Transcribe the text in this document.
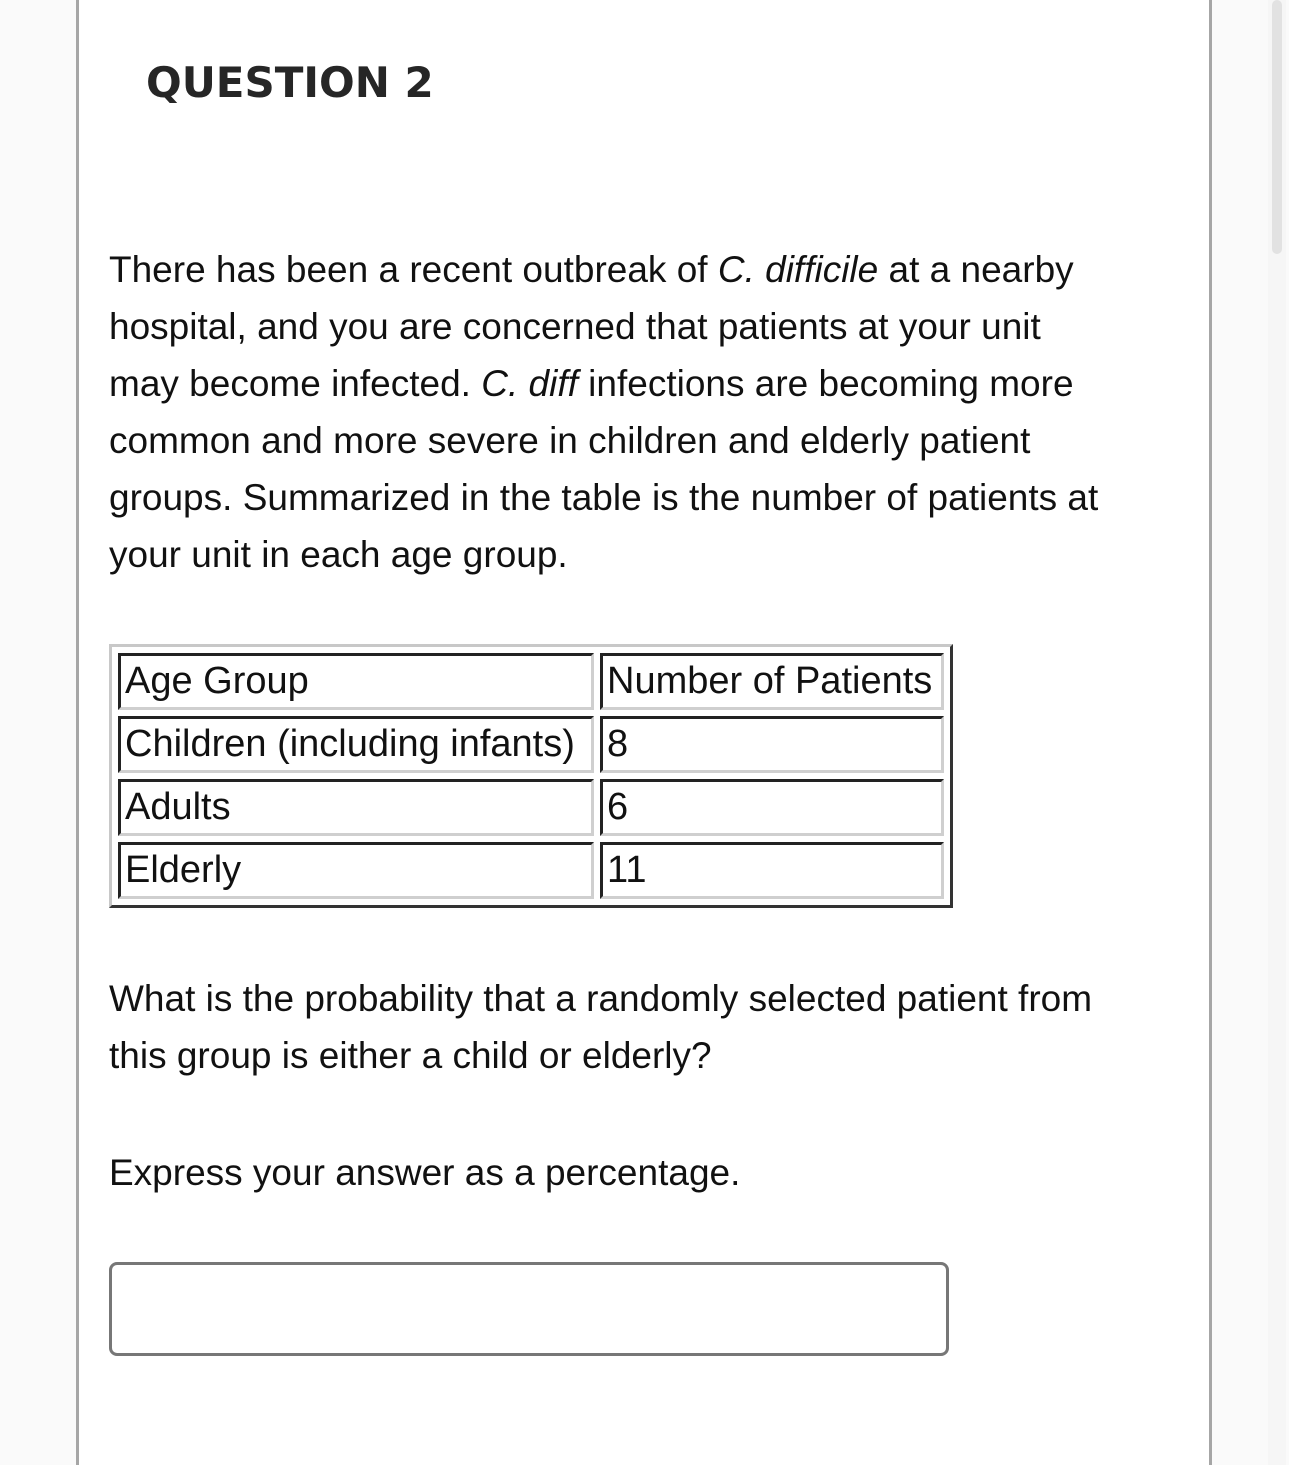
QUESTION 2

There has been a recent outbreak of C. difficile at a nearby hospital, and you are concerned that patients at your unit may become infected. C. diff infections are becoming more common and more severe in children and elderly patient groups. Summarized in the table is the number of patients at your unit in each age group.

Age Group	Number of Patients
Children (including infants)	8
Adults	6
Elderly	11

What is the probability that a randomly selected patient from this group is either a child or elderly?

Express your answer as a percentage.
